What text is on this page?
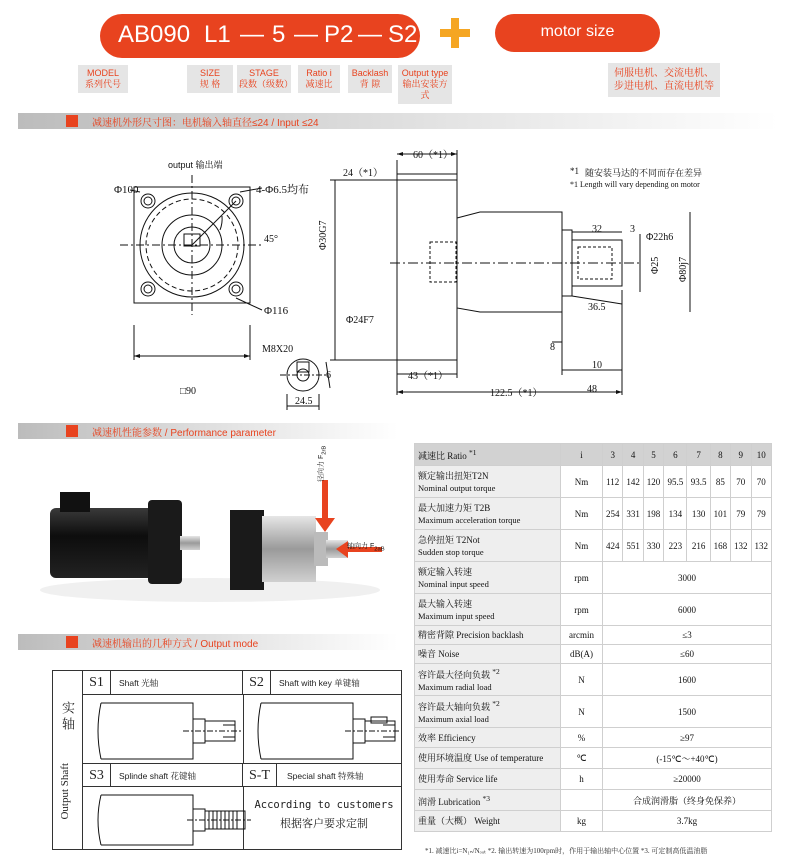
AB 090 L1 — 5 — P2 — S2	motor size
MODEL
系列代号
SIZE
规 格
STAGE
段数（级数）
Ratio i
减速比
Backlash
背 隙
Output type
输出安装方式
伺服电机、交流电机、
步进电机、直流电机等
减速机外形尺寸图：电机输入轴直径≤24 / Input ≤24
output 输出端
Φ100	4-Φ6.5均布
45°
Φ116
□90
M8X20
6
24.5
60（*1）
24（*1）
Φ30G7
Φ24F7
43（*1）
122.5（*1）	48
8
10
32	3
36.5
Φ22h6
Φ25 Φ80j7
*1 随安装马达的不同而存在差异
*1 Length will vary depending on motor
减速机性能参数 / Performance parameter
径向力 $F_{2rB}$
轴向力 $F_{2aB}$
减速比 Ratio $^{*1}$	i	3	4	5	6	7	8	9	10
额定输出扭矩T2N
Nominal output torque	Nm	112	142	120	95.5	93.5	85	70	70
最大加速力矩 T2B
Maximum acceleration torque	Nm	254	331	198	134	130	101	79	79
急停扭矩 T2Not
Sudden stop torque	Nm	424	551	330	223	216	168	132	132
额定输入转速
Nominal input speed	rpm	3000							
最大输入转速
Maximum input speed	rpm	6000							
精密背隙 Precision backlash	arcmin	≤3							
噪音 Noise	dB(A)	≤60							
容许最大径向负载 $^{*2}$
Maximum radial load	N	1600							
容许最大轴向负载 $^{*2}$
Maximum axial load	N	1500							
效率 Efficiency	%	≥97							
使用环境温度 Use of temperature	℃	(-15℃～+40℃)							
使用寿命 Service life	h	≥20000							
润滑 Lubrication $^{*3}$		合成润滑脂（终身免保养）							
重量（大概） Weight	kg	3.7kg							
*1. 减速比i=N₁ₙ/Nₒᵤₜ *2. 输出转速为100rpm时，作用于输出轴中心位置 *3. 可定制高低温油脂
减速机输出的几种方式 / Output mode
实 轴
Output Shaft
S1	Shaft 光轴	S2	Shaft with key 单键轴
S3	Splinde shaft 花键轴	S-T	Special shaft 特殊轴
According to customers
根据客户要求定制
